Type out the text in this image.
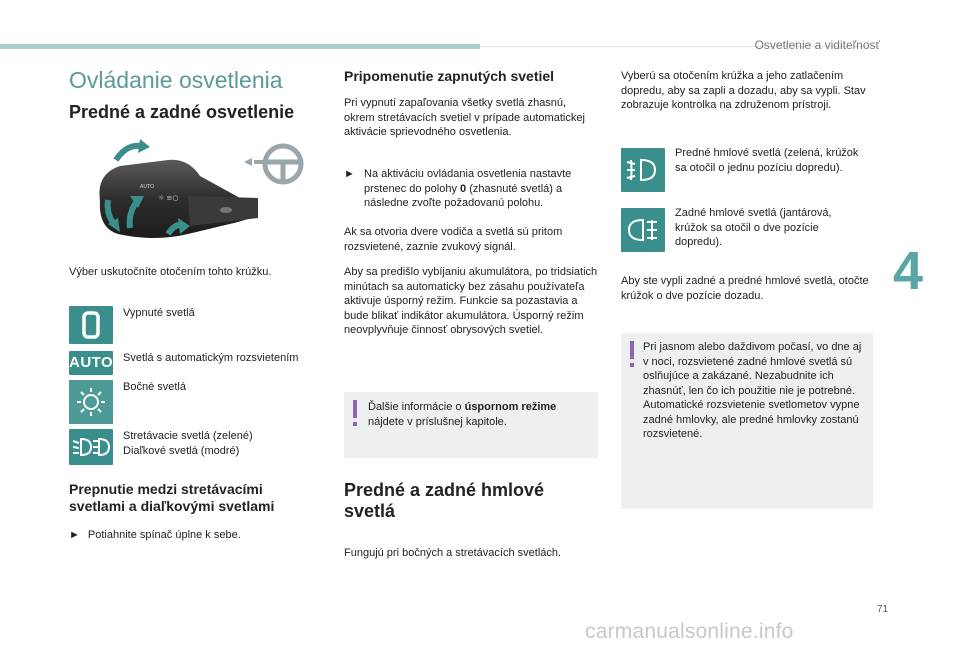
Osvetlenie a viditeľnosť
4
71
carmanualsonline.info
Ovládanie osvetlenia
Predné a zadné osvetlenie
AUTO
☼ ≡○
Výber uskutočníte otočením tohto krúžku.
Vypnuté svetlá
AUTO Svetlá s automatickým rozsvietením
Bočné svetlá
Stretávacie svetlá (zelené)
Diaľkové svetlá (modré)
Prepnutie medzi stretávacími svetlami a diaľkovými svetlami
► Potiahnite spínač úplne k sebe.
Pripomenutie zapnutých svetiel
Pri vypnutí zapaľovania všetky svetlá zhasnú, okrem stretávacích svetiel v prípade automatickej aktivácie sprievodného osvetlenia.
► Na aktiváciu ovládania osvetlenia nastavte prstenec do polohy 0 (zhasnuté svetlá) a následne zvoľte požadovanú polohu.
Ak sa otvoria dvere vodiča a svetlá sú pritom rozsvietené, zaznie zvukový signál.
Aby sa predišlo vybíjaniu akumulátora, po tridsiatich minútach sa automaticky bez zásahu používateľa aktivuje úsporný režim. Funkcie sa pozastavia a bude blikať indikátor akumulátora. Úsporný režim neovplyvňuje činnosť obrysových svetiel.
Ďalšie informácie o úspornom režime nájdete v príslušnej kapitole.
Predné a zadné hmlové svetlá
Fungujú pri bočných a stretávacích svetlách.
Vyberú sa otočením krúžka a jeho zatlačením dopredu, aby sa zapli a dozadu, aby sa vypli. Stav zobrazuje kontrolka na združenom prístroji.
Predné hmlové svetlá (zelená, krúžok sa otočil o jednu pozíciu dopredu).
Zadné hmlové svetlá (jantárová, krúžok sa otočil o dve pozície dopredu).
Aby ste vypli zadné a predné hmlové svetlá, otočte krúžok o dve pozície dozadu.
Pri jasnom alebo daždivom počasí, vo dne aj v noci, rozsvietené zadné hmlové svetlá sú oslňujúce a zakázané. Nezabudnite ich zhasnúť, len čo ich použitie nie je potrebné. Automatické rozsvietenie svetlometov vypne zadné hmlovky, ale predné hmlovky zostanú rozsvietené.
